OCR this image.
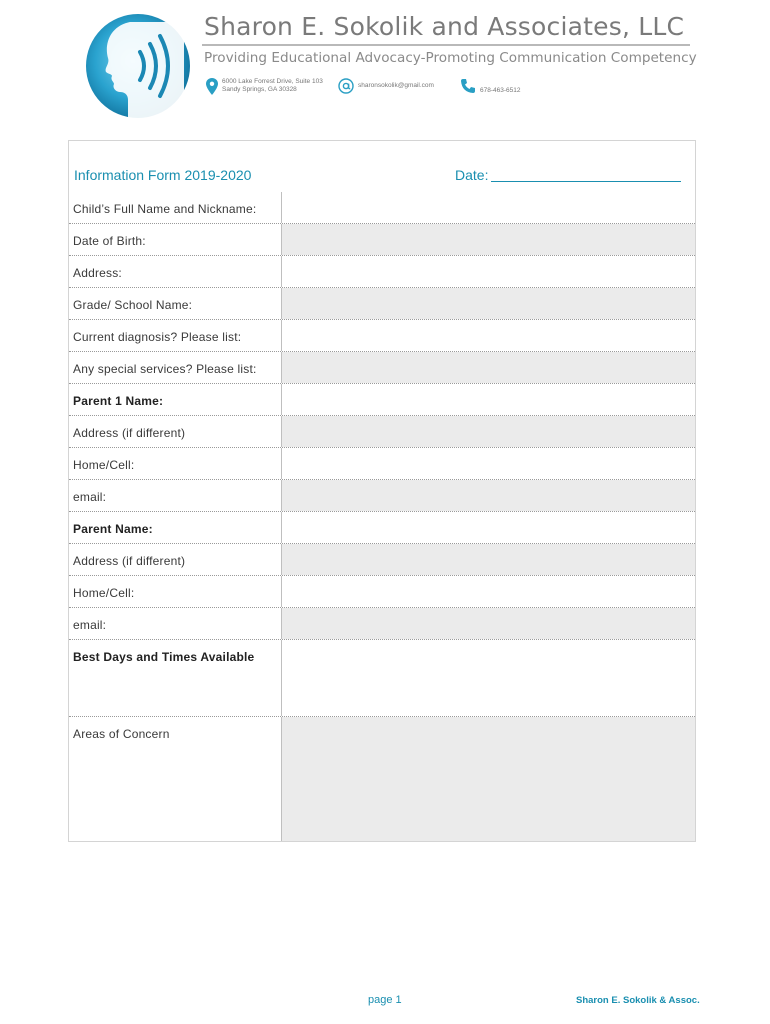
Sharon E. Sokolik and Associates, LLC
Providing Educational Advocacy-Promoting Communication Competency
6000 Lake Forrest Drive, Suite 103
Sandy Springs, GA 30328
sharonsokolik@gmail.com
678-463-6512
Information Form 2019-2020	Date:
Child’s Full Name and Nickname:
Date of Birth:
Address:
Grade/ School Name:
Current diagnosis? Please list:
Any special services? Please list:
Parent 1 Name:
Address (if different)
Home/Cell:
email:
Parent Name:
Address (if different)
Home/Cell:
email:
Best Days and Times Available
Areas of Concern
page 1	Sharon E. Sokolik & Assoc.
